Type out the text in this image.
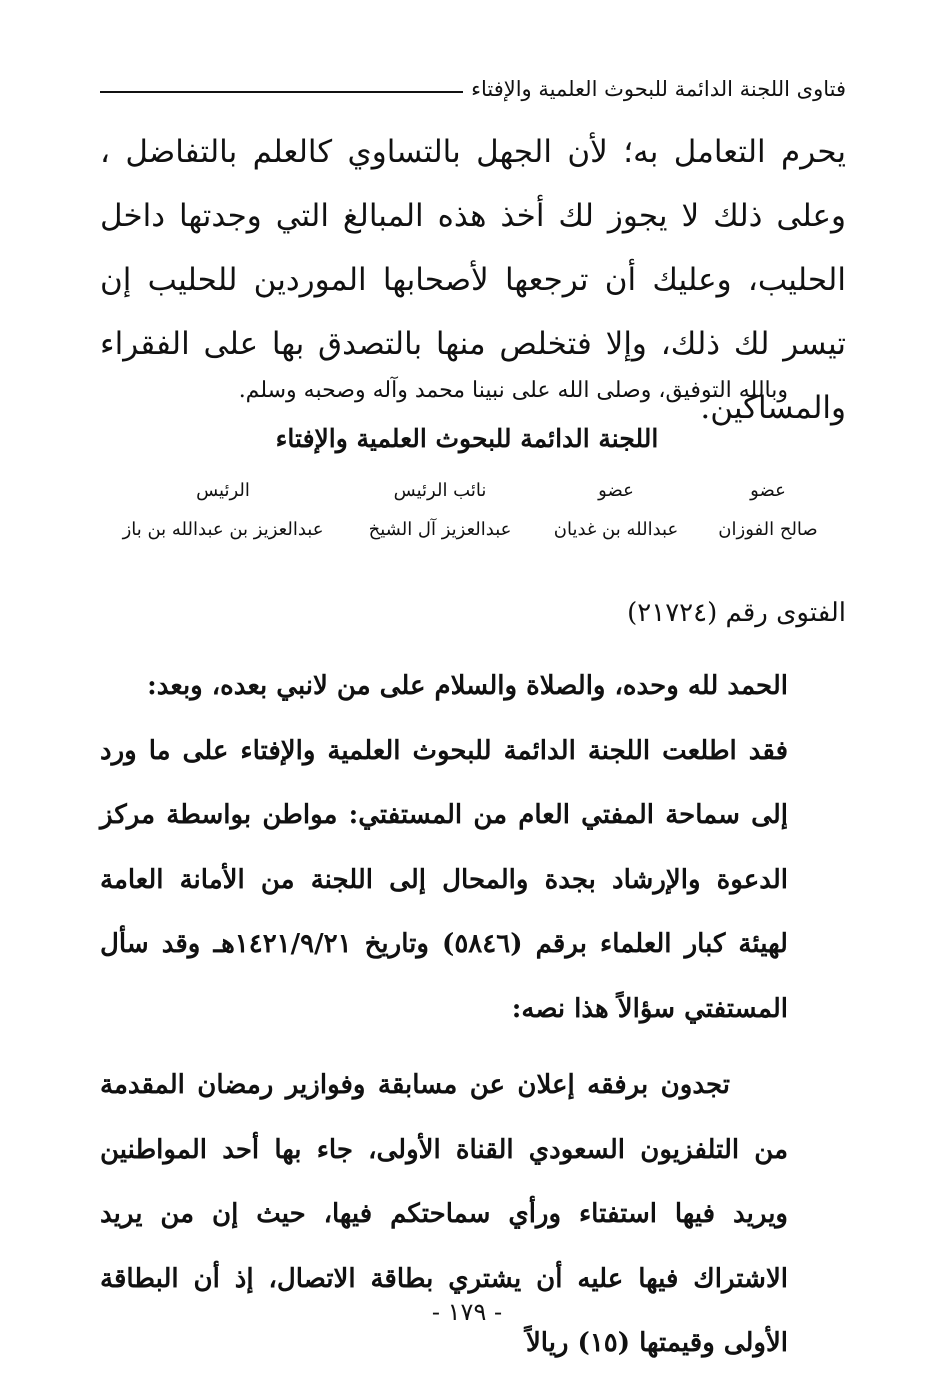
فتاوى اللجنة الدائمة للبحوث العلمية والإفتاء

يحرم التعامل به؛ لأن الجهل بالتساوي كالعلم بالتفاضل ، وعلى ذلك لا يجوز لك أخذ هذه المبالغ التي وجدتها داخل الحليب، وعليك أن ترجعها لأصحابها الموردين للحليب إن تيسر لك ذلك، وإلا فتخلص منها بالتصدق بها على الفقراء والمساكين.

وبالله التوفيق، وصلى الله على نبينا محمد وآله وصحبه وسلم.
اللجنة الدائمة للبحوث العلمية والإفتاء
عضو
عضو
نائب الرئيس
الرئيس
صالح الفوزان
عبدالله بن غديان
عبدالعزيز آل الشيخ
عبدالعزيز بن عبدالله بن باز
الفتوى رقم (٢١٧٢٤)

الحمد لله وحده، والصلاة والسلام على من لانبي بعده، وبعد:

فقد اطلعت اللجنة الدائمة للبحوث العلمية والإفتاء على ما ورد إلى سماحة المفتي العام من المستفتي: مواطن بواسطة مركز الدعوة والإرشاد بجدة والمحال إلى اللجنة من الأمانة العامة لهيئة كبار العلماء برقم (٥٨٤٦) وتاريخ ١٤٢١/٩/٢١هـ وقد سأل المستفتي سؤالاً هذا نصه:

تجدون برفقه إعلان عن مسابقة وفوازير رمضان المقدمة من التلفزيون السعودي القناة الأولى، جاء بها أحد المواطنين ويريد فيها استفتاء ورأي سماحتكم فيها، حيث إن من يريد الاشتراك فيها عليه أن يشتري بطاقة الاتصال، إذ أن البطاقة الأولى وقيمتها (١٥) ريالاً

- ١٧٩ -
